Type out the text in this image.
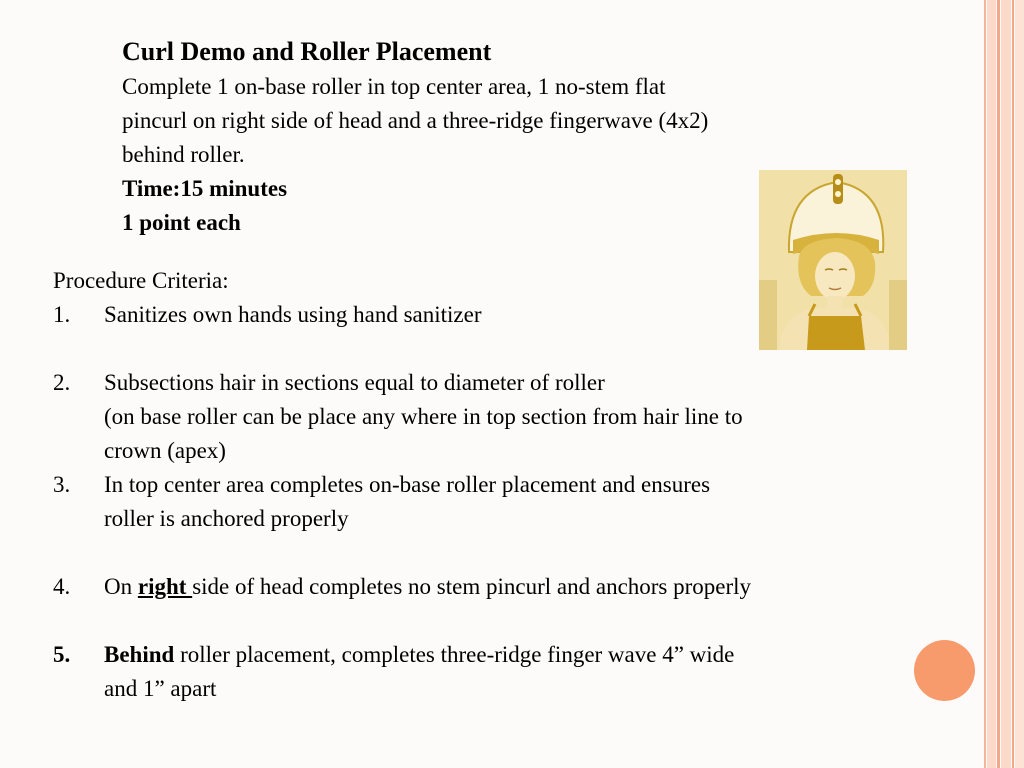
Curl Demo and Roller Placement

Complete 1 on-base roller in top center area, 1 no-stem flat

pincurl on right side of head and a three-ridge fingerwave (4x2)

behind roller.

Time:15 minutes

1 point each

Procedure Criteria:

1. Sanitizes own hands using hand sanitizer
2. Subsections hair in sections equal to diameter of roller
(on base roller can be place any where in top section from hair line to
crown (apex)
3. In top center area completes on-base roller placement and ensures
roller is anchored properly
4. On right side of head completes no stem pincurl and anchors properly
5. Behind roller placement, completes three-ridge finger wave 4” wide
and 1” apart
